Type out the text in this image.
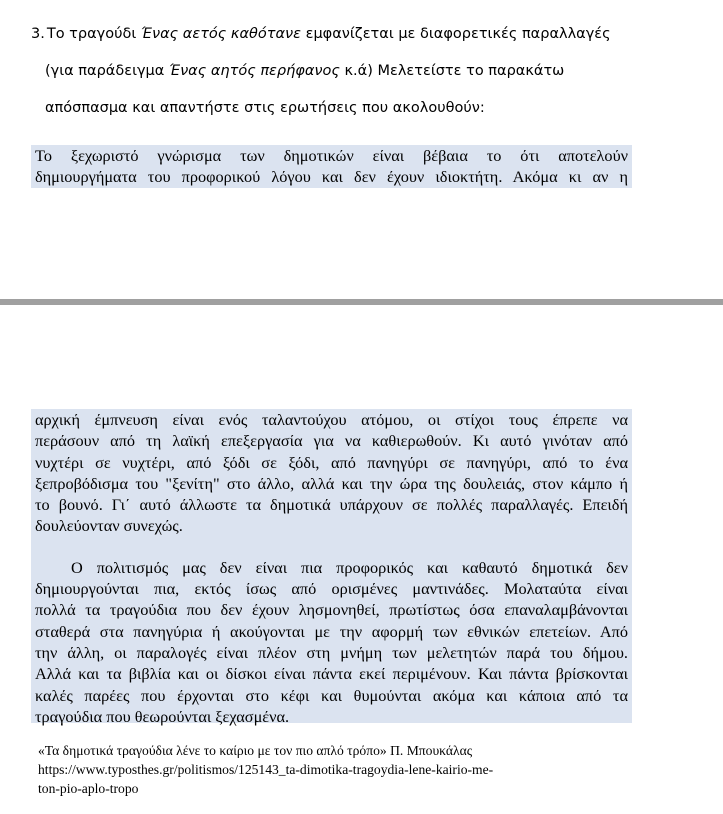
3. Το τραγούδι Ένας αετός καθότανε εμφανίζεται με διαφορετικές παραλλαγές
(για παράδειγμα Ένας αητός περήφανος κ.ά) Μελετείστε το παρακάτω
απόσπασμα και απαντήστε στις ερωτήσεις που ακολουθούν:
Το ξεχωριστό γνώρισμα των δημοτικών είναι βέβαια το ότι αποτελούν
δημιουργήματα του προφορικού λόγου και δεν έχουν ιδιοκτήτη. Ακόμα κι αν η
αρχική έμπνευση είναι ενός ταλαντούχου ατόμου, οι στίχοι τους έπρεπε να
περάσουν από τη λαϊκή επεξεργασία για να καθιερωθούν. Κι αυτό γινόταν από
νυχτέρι σε νυχτέρι, από ξόδι σε ξόδι, από πανηγύρι σε πανηγύρι, από το ένα
ξεπροβόδισμα του "ξενίτη" στο άλλο, αλλά και την ώρα της δουλειάς, στον κάμπο ή
το βουνό. Γι΄ αυτό άλλωστε τα δημοτικά υπάρχουν σε πολλές παραλλαγές. Επειδή
δουλεύονταν συνεχώς.
Ο πολιτισμός μας δεν είναι πια προφορικός και καθαυτό δημοτικά δεν
δημιουργούνται πια, εκτός ίσως από ορισμένες μαντινάδες. Μολαταύτα είναι
πολλά τα τραγούδια που δεν έχουν λησμονηθεί, πρωτίστως όσα επαναλαμβάνονται
σταθερά στα πανηγύρια ή ακούγονται με την αφορμή των εθνικών επετείων. Από
την άλλη, οι παραλογές είναι πλέον στη μνήμη των μελετητών παρά του δήμου.
Αλλά και τα βιβλία και οι δίσκοι είναι πάντα εκεί περιμένουν. Και πάντα βρίσκονται
καλές παρέες που έρχονται στο κέφι και θυμούνται ακόμα και κάποια από τα
τραγούδια που θεωρούνται ξεχασμένα.
«Τα δημοτικά τραγούδια λένε το καίριο με τον πιο απλό τρόπο» Π. Μπουκάλας
https://www.typosthes.gr/politismos/125143_ta-dimotika-tragoydia-lene-kairio-me-
ton-pio-aplo-tropo
